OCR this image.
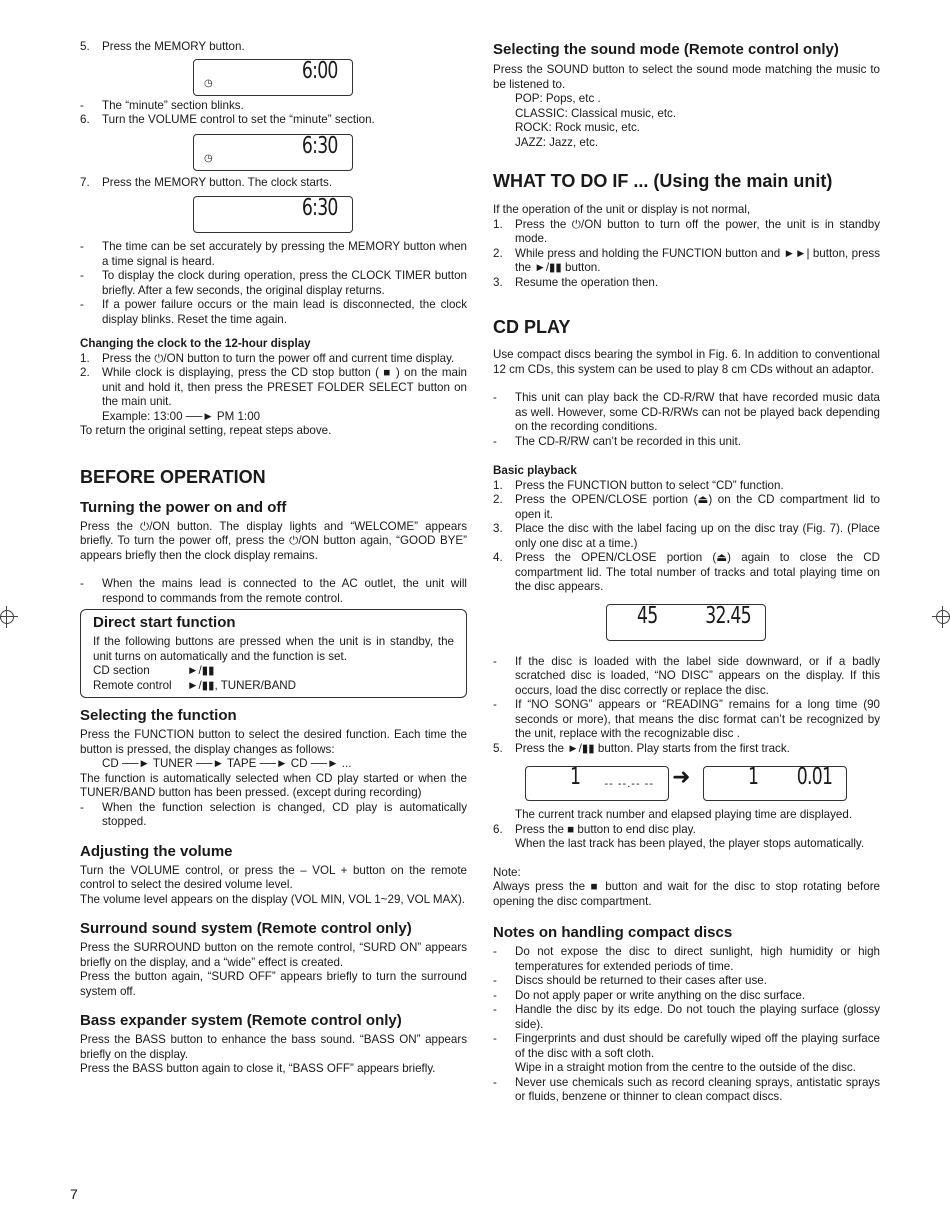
5. Press the MEMORY button.
◷	6:00
- The “minute” section blinks.
6. Turn the VOLUME control to set the “minute” section.
◷	6:30
7. Press the MEMORY button. The clock starts.
6:30
- The time can be set accurately by pressing the MEMORY button when a time signal is heard.
- To display the clock during operation, press the CLOCK TIMER button briefly. After a few seconds, the original display returns.
- If a power failure occurs or the main lead is disconnected, the clock display blinks. Reset the time again.

Changing the clock to the 12-hour display

1. Press the ⏻/ON button to turn the power off and current time display.
2. While clock is displaying, press the CD stop button ( ■ ) on the main unit and hold it, then press the PRESET FOLDER SELECT button on the main unit.

Example: 13:00 ──► PM 1:00

To return the original setting, repeat steps above.

BEFORE OPERATION

Turning the power on and off

Press the ⏻/ON button. The display lights and “WELCOME” appears briefly. To turn the power off, press the ⏻/ON button again, “GOOD BYE” appears briefly then the clock display remains.

- When the mains lead is connected to the AC outlet, the unit will respond to commands from the remote control.

Direct start function

If the following buttons are pressed when the unit is in standby, the unit turns on automatically and the function is set.

CD section	►/▮▮

Remote control ►/▮▮, TUNER/BAND

Selecting the function

Press the FUNCTION button to select the desired function. Each time the button is pressed, the display changes as follows:

CD ──► TUNER ──► TAPE ──► CD ──► ...

The function is automatically selected when CD play started or when the TUNER/BAND button has been pressed. (except during recording)

- When the function selection is changed, CD play is automatically stopped.

Adjusting the volume

Turn the VOLUME control, or press the – VOL + button on the remote control to select the desired volume level.

The volume level appears on the display (VOL MIN, VOL 1~29, VOL MAX).

Surround sound system (Remote control only)

Press the SURROUND button on the remote control, “SURD ON” appears briefly on the display, and a “wide” effect is created.

Press the button again, “SURD OFF” appears briefly to turn the surround system off.

Bass expander system (Remote control only)

Press the BASS button to enhance the bass sound. “BASS ON” appears briefly on the display.

Press the BASS button again to close it, “BASS OFF” appears briefly.

Selecting the sound mode (Remote control only)

Press the SOUND button to select the sound mode matching the music to be listened to.

POP: Pops, etc .

CLASSIC: Classical music, etc.

ROCK: Rock music, etc.

JAZZ: Jazz, etc.

WHAT TO DO IF ... (Using the main unit)

If the operation of the unit or display is not normal,

1. Press the ⏻/ON button to turn off the power, the unit is in standby mode.
2. While press and holding the FUNCTION button and ►►| button, press the ►/▮▮ button.
3. Resume the operation then.

CD PLAY

Use compact discs bearing the symbol in Fig. 6. In addition to conventional 12 cm CDs, this system can be used to play 8 cm CDs without an adaptor.

- This unit can play back the CD-R/RW that have recorded music data as well. However, some CD-R/RWs can not be played back depending on the recording conditions.
- The CD-R/RW can’t be recorded in this unit.

Basic playback

1. Press the FUNCTION button to select “CD” function.
2. Press the OPEN/CLOSE portion (⏏) on the CD compartment lid to open it.
3. Place the disc with the label facing up on the disc tray (Fig. 7). (Place only one disc at a time.)
4. Press the OPEN/CLOSE portion (⏏) again to close the CD compartment lid. The total number of tracks and total playing time on the disc appears.
45 32.45
- If the disc is loaded with the label side downward, or if a badly scratched disc is loaded, “NO DISC” appears on the display. If this occurs, load the disc correctly or replace the disc.
- If “NO SONG” appears or “READING” remains for a long time (90 seconds or more), that means the disc format can’t be recognized by the unit, replace with the recognizable disc .
5. Press the ►/▮▮ button. Play starts from the first track.
1 -- --.-- -- ➜	1 0.01

The current track number and elapsed playing time are displayed.

6. Press the ■ button to end disc play.

When the last track has been played, the player stops automatically.

Note:

Always press the ■ button and wait for the disc to stop rotating before opening the disc compartment.

Notes on handling compact discs

- Do not expose the disc to direct sunlight, high humidity or high temperatures for extended periods of time.
- Discs should be returned to their cases after use.
- Do not apply paper or write anything on the disc surface.
- Handle the disc by its edge. Do not touch the playing surface (glossy side).
- Fingerprints and dust should be carefully wiped off the playing surface of the disc with a soft cloth.

Wipe in a straight motion from the centre to the outside of the disc.

- Never use chemicals such as record cleaning sprays, antistatic sprays or fluids, benzene or thinner to clean compact discs.
7
